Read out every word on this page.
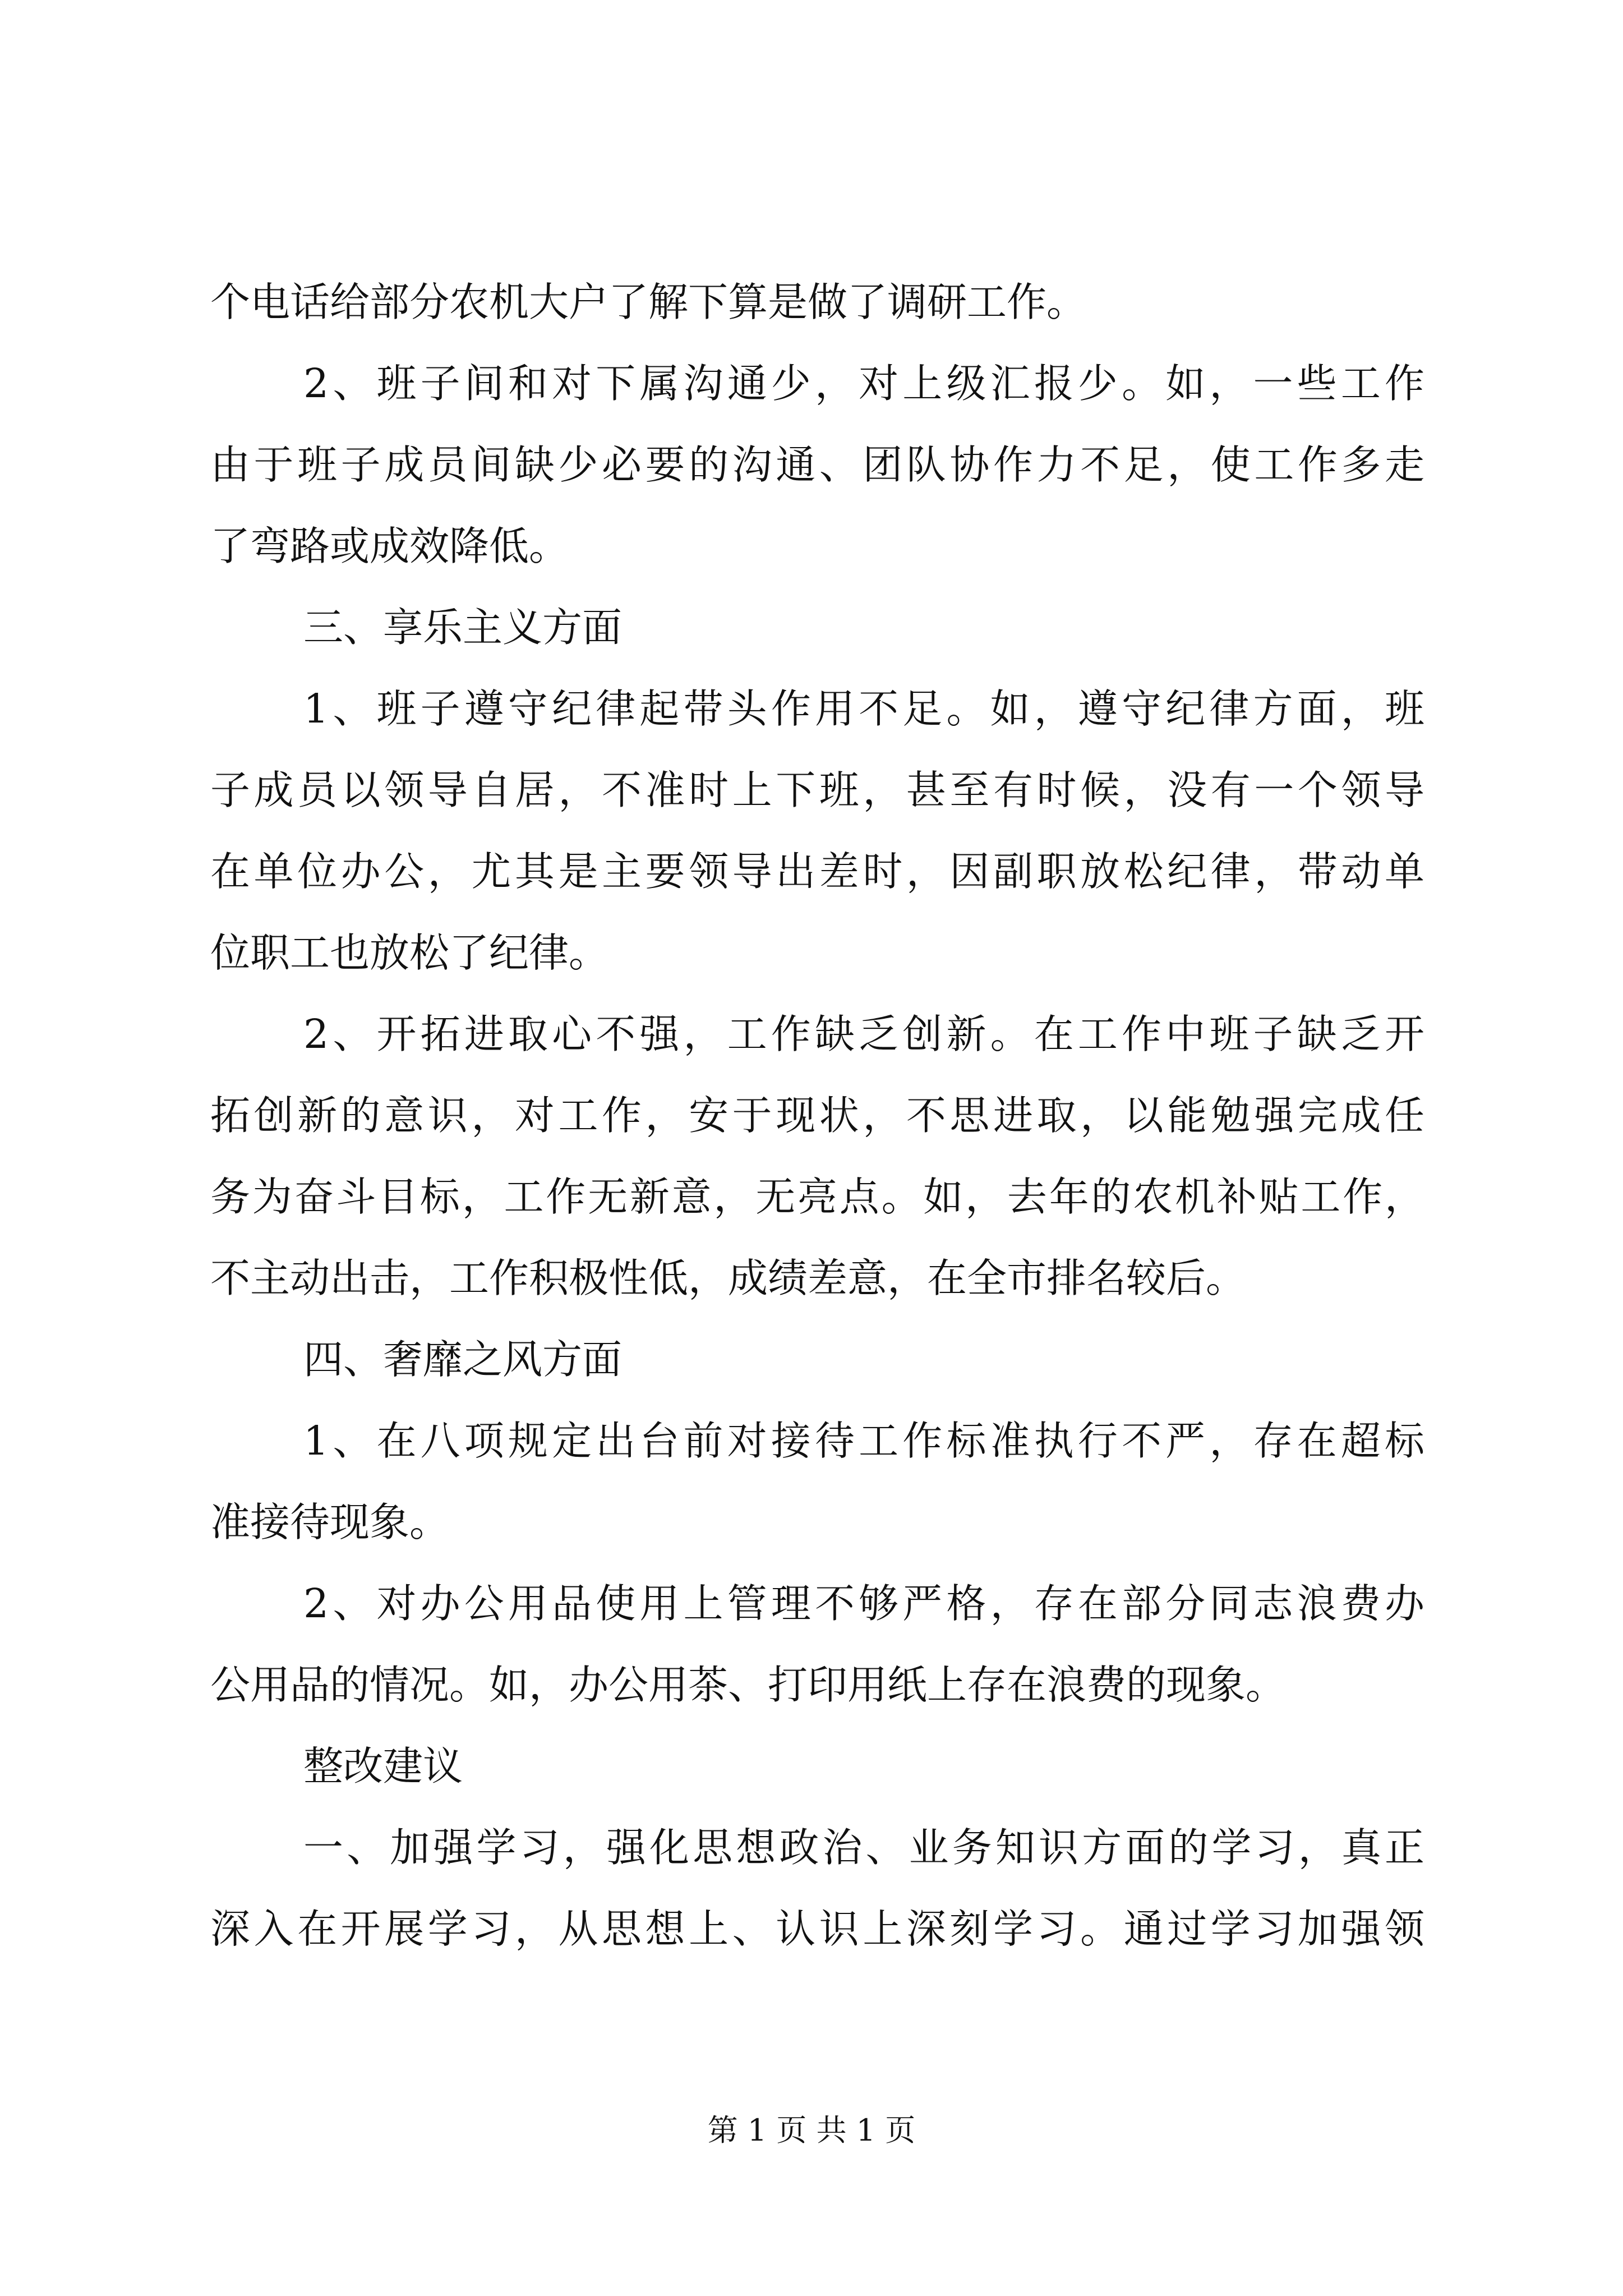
个电话给部分农机大户了解下算是做了调研工作。
2、班子间和对下属沟通少，对上级汇报少。如，一些工作
由于班子成员间缺少必要的沟通、团队协作力不足，使工作多走
了弯路或成效降低。
三、享乐主义方面
1、班子遵守纪律起带头作用不足。如，遵守纪律方面，班
子成员以领导自居，不准时上下班，甚至有时候，没有一个领导
在单位办公，尤其是主要领导出差时，因副职放松纪律，带动单
位职工也放松了纪律。
2、开拓进取心不强，工作缺乏创新。在工作中班子缺乏开
拓创新的意识，对工作，安于现状，不思进取，以能勉强完成任
务为奋斗目标，工作无新意，无亮点。如，去年的农机补贴工作，
不主动出击，工作积极性低，成绩差意，在全市排名较后。
四、奢靡之风方面
1、在八项规定出台前对接待工作标准执行不严，存在超标
准接待现象。
2、对办公用品使用上管理不够严格，存在部分同志浪费办
公用品的情况。如，办公用茶、打印用纸上存在浪费的现象。
整改建议
一、加强学习，强化思想政治、业务知识方面的学习，真正
深入在开展学习，从思想上、认识上深刻学习。通过学习加强领
第 1 页 共 1 页
